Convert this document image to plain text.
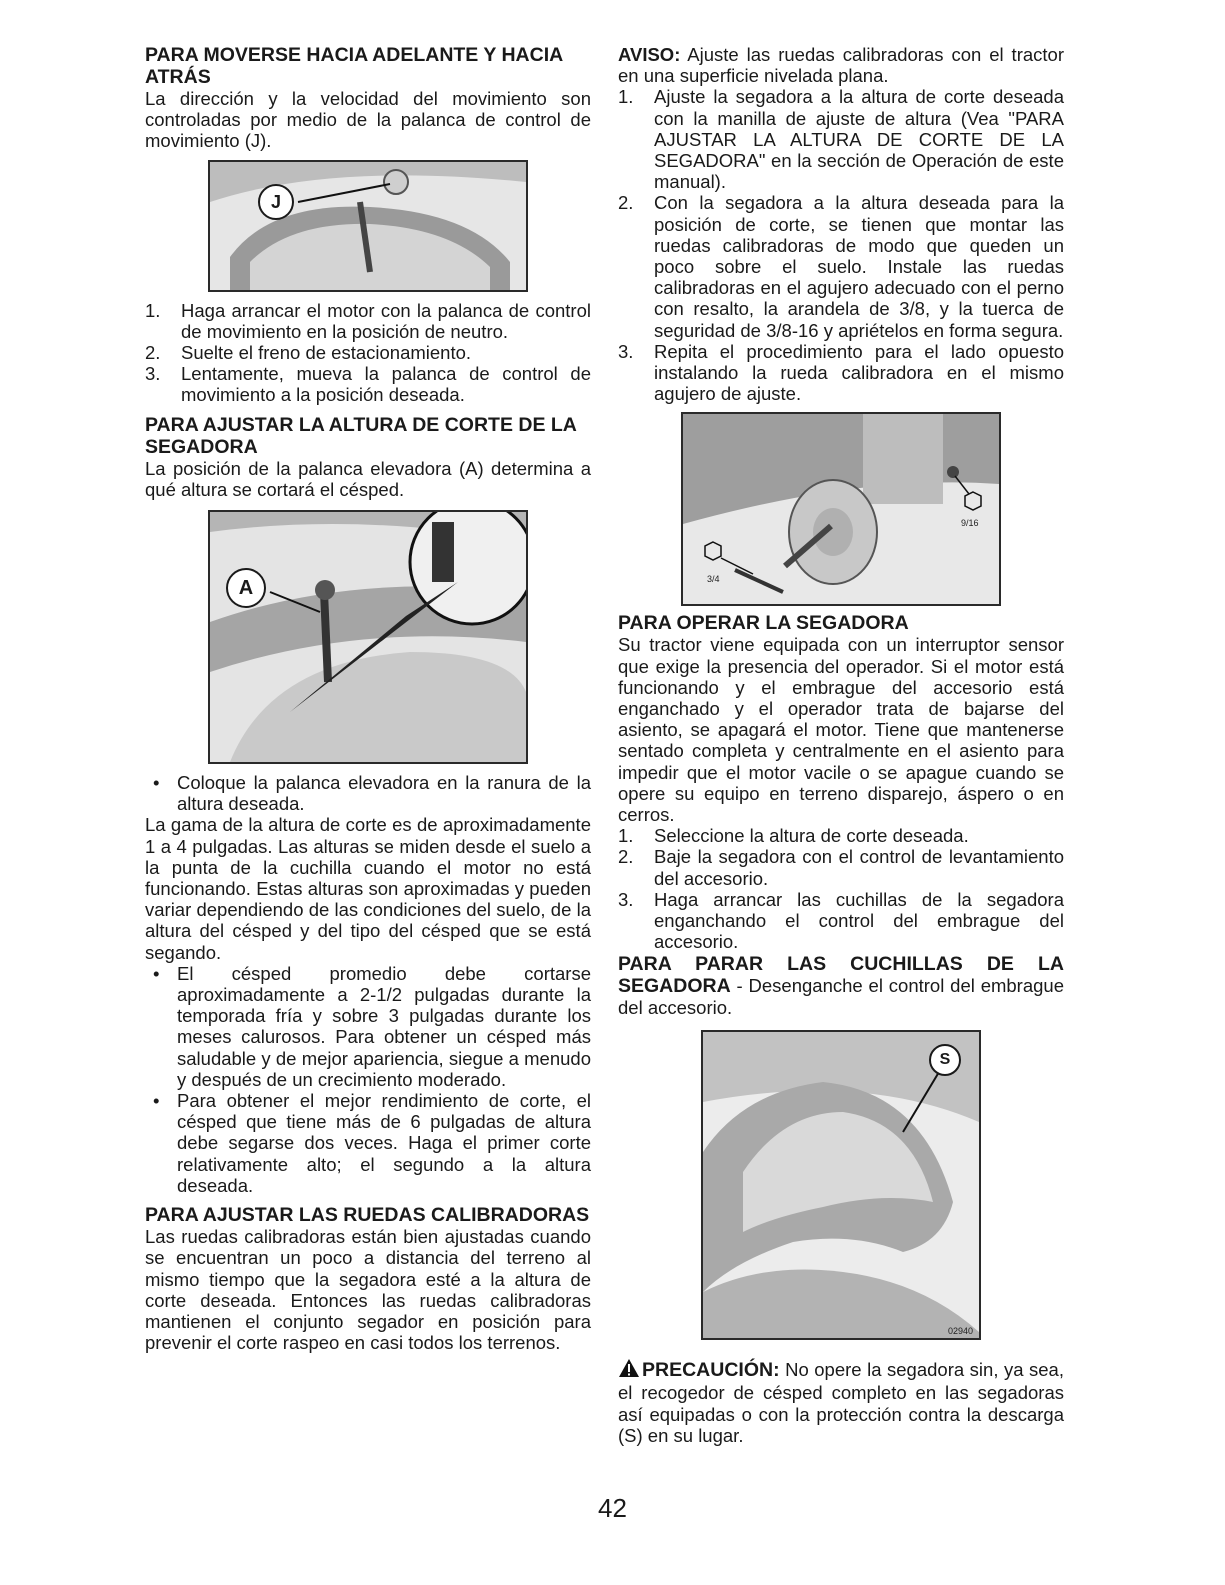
PARA MOVERSE HACIA ADELANTE Y HACIA ATRÁS

La dirección y la velocidad del movimiento son controladas por medio de la palanca de control de movimiento (J).

J
1. Haga arrancar el motor con la palanca de control de movimiento en la posición de neutro.
2. Suelte el freno de estacionamiento.
3. Lentamente, mueva la palanca de control de movimiento a la posición deseada.

PARA AJUSTAR LA ALTURA DE CORTE DE LA SEGADORA

La posición de la palanca elevadora (A) determina a qué altura se cortará el césped.

A
• Coloque la palanca elevadora en la ranura de la altura deseada.

La gama de la altura de corte es de aproximadamente 1 a 4 pulgadas. Las alturas se miden desde el suelo a la punta de la cuchilla cuando el motor no está funcionando. Estas alturas son aproximadas y pueden variar dependiendo de las condiciones del suelo, de la altura del césped y del tipo del césped que se está segando.

• El césped promedio debe cortarse aproximadamente a 2-1/2 pulgadas durante la temporada fría y sobre 3 pulgadas durante los meses calurosos. Para obtener un césped más saludable y de mejor apariencia, siegue a menudo y después de un crecimiento moderado.
• Para obtener el mejor rendimiento de corte, el césped que tiene más de 6 pulgadas de altura debe segarse dos veces. Haga el primer corte relativamente alto; el segundo a la altura deseada.

PARA AJUSTAR LAS RUEDAS CALIBRADORAS

Las ruedas calibradoras están bien ajustadas cuando se encuentran un poco a distancia del terreno al mismo tiempo que la segadora esté a la altura de corte deseada. Entonces las ruedas calibradoras mantienen el conjunto segador en posición para prevenir el corte raspeo en casi todos los terrenos.

AVISO: Ajuste las ruedas calibradoras con el tractor en una superficie nivelada plana.

1. Ajuste la segadora a la altura de corte deseada con la manilla de ajuste de altura (Vea "PARA AJUSTAR LA ALTURA DE CORTE DE LA SEGADORA" en la sección de Operación de este manual).
2. Con la segadora a la altura deseada para la posición de corte, se tienen que montar las ruedas calibradoras de modo que queden un poco sobre el suelo. Instale las ruedas calibradoras en el agujero adecuado con el perno con resalto, la arandela de 3/8, y la tuerca de seguridad de 3/8-16 y apriételos en forma segura.
3. Repita el procedimiento para el lado opuesto instalando la rueda calibradora en el mismo agujero de ajuste.
9/16
3/4

PARA OPERAR LA SEGADORA

Su tractor viene equipada con un interruptor sensor que exige la presencia del operador. Si el motor está funcionando y el embrague del accesorio está enganchado y el operador trata de bajarse del asiento, se apagará el motor. Tiene que mantenerse sentado completa y centralmente en el asiento para impedir que el motor vacile o se apague cuando se opere su equipo en terreno disparejo, áspero o en cerros.

1. Seleccione la altura de corte deseada.
2. Baje la segadora con el control de levantamiento del accesorio.
3. Haga arrancar las cuchillas de la segadora enganchando el control del embrague del accesorio.

PARA PARAR LAS CUCHILLAS DE LA SEGADORA - Desenganche el control del embrague del accesorio.

S
02940

PRECAUCIÓN: No opere la segadora sin, ya sea, el recogedor de césped completo en las segadoras así equipadas o con la protección contra la descarga (S) en su lugar.

42
